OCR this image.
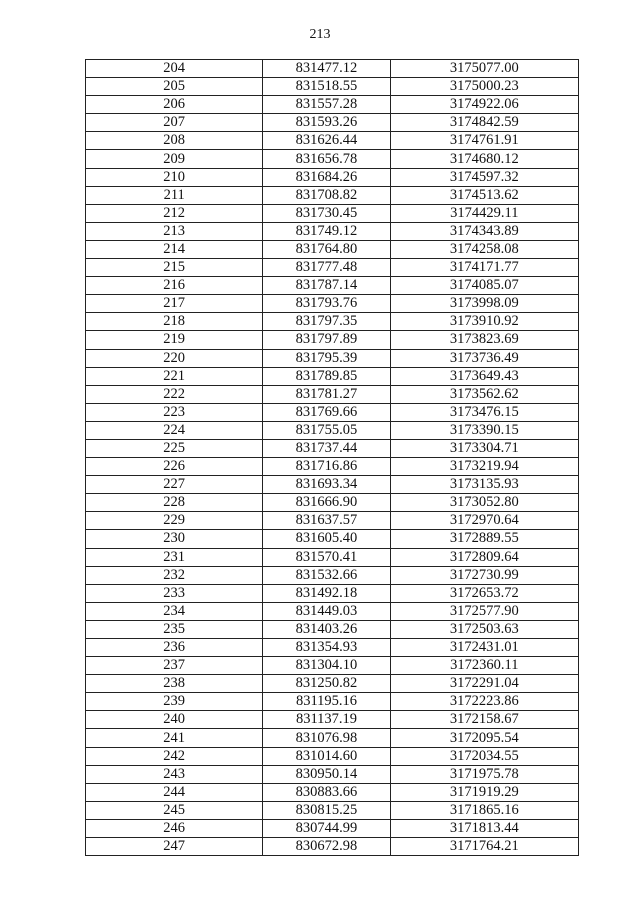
213
204	831477.12	3175077.00
205	831518.55	3175000.23
206	831557.28	3174922.06
207	831593.26	3174842.59
208	831626.44	3174761.91
209	831656.78	3174680.12
210	831684.26	3174597.32
211	831708.82	3174513.62
212	831730.45	3174429.11
213	831749.12	3174343.89
214	831764.80	3174258.08
215	831777.48	3174171.77
216	831787.14	3174085.07
217	831793.76	3173998.09
218	831797.35	3173910.92
219	831797.89	3173823.69
220	831795.39	3173736.49
221	831789.85	3173649.43
222	831781.27	3173562.62
223	831769.66	3173476.15
224	831755.05	3173390.15
225	831737.44	3173304.71
226	831716.86	3173219.94
227	831693.34	3173135.93
228	831666.90	3173052.80
229	831637.57	3172970.64
230	831605.40	3172889.55
231	831570.41	3172809.64
232	831532.66	3172730.99
233	831492.18	3172653.72
234	831449.03	3172577.90
235	831403.26	3172503.63
236	831354.93	3172431.01
237	831304.10	3172360.11
238	831250.82	3172291.04
239	831195.16	3172223.86
240	831137.19	3172158.67
241	831076.98	3172095.54
242	831014.60	3172034.55
243	830950.14	3171975.78
244	830883.66	3171919.29
245	830815.25	3171865.16
246	830744.99	3171813.44
247	830672.98	3171764.21
